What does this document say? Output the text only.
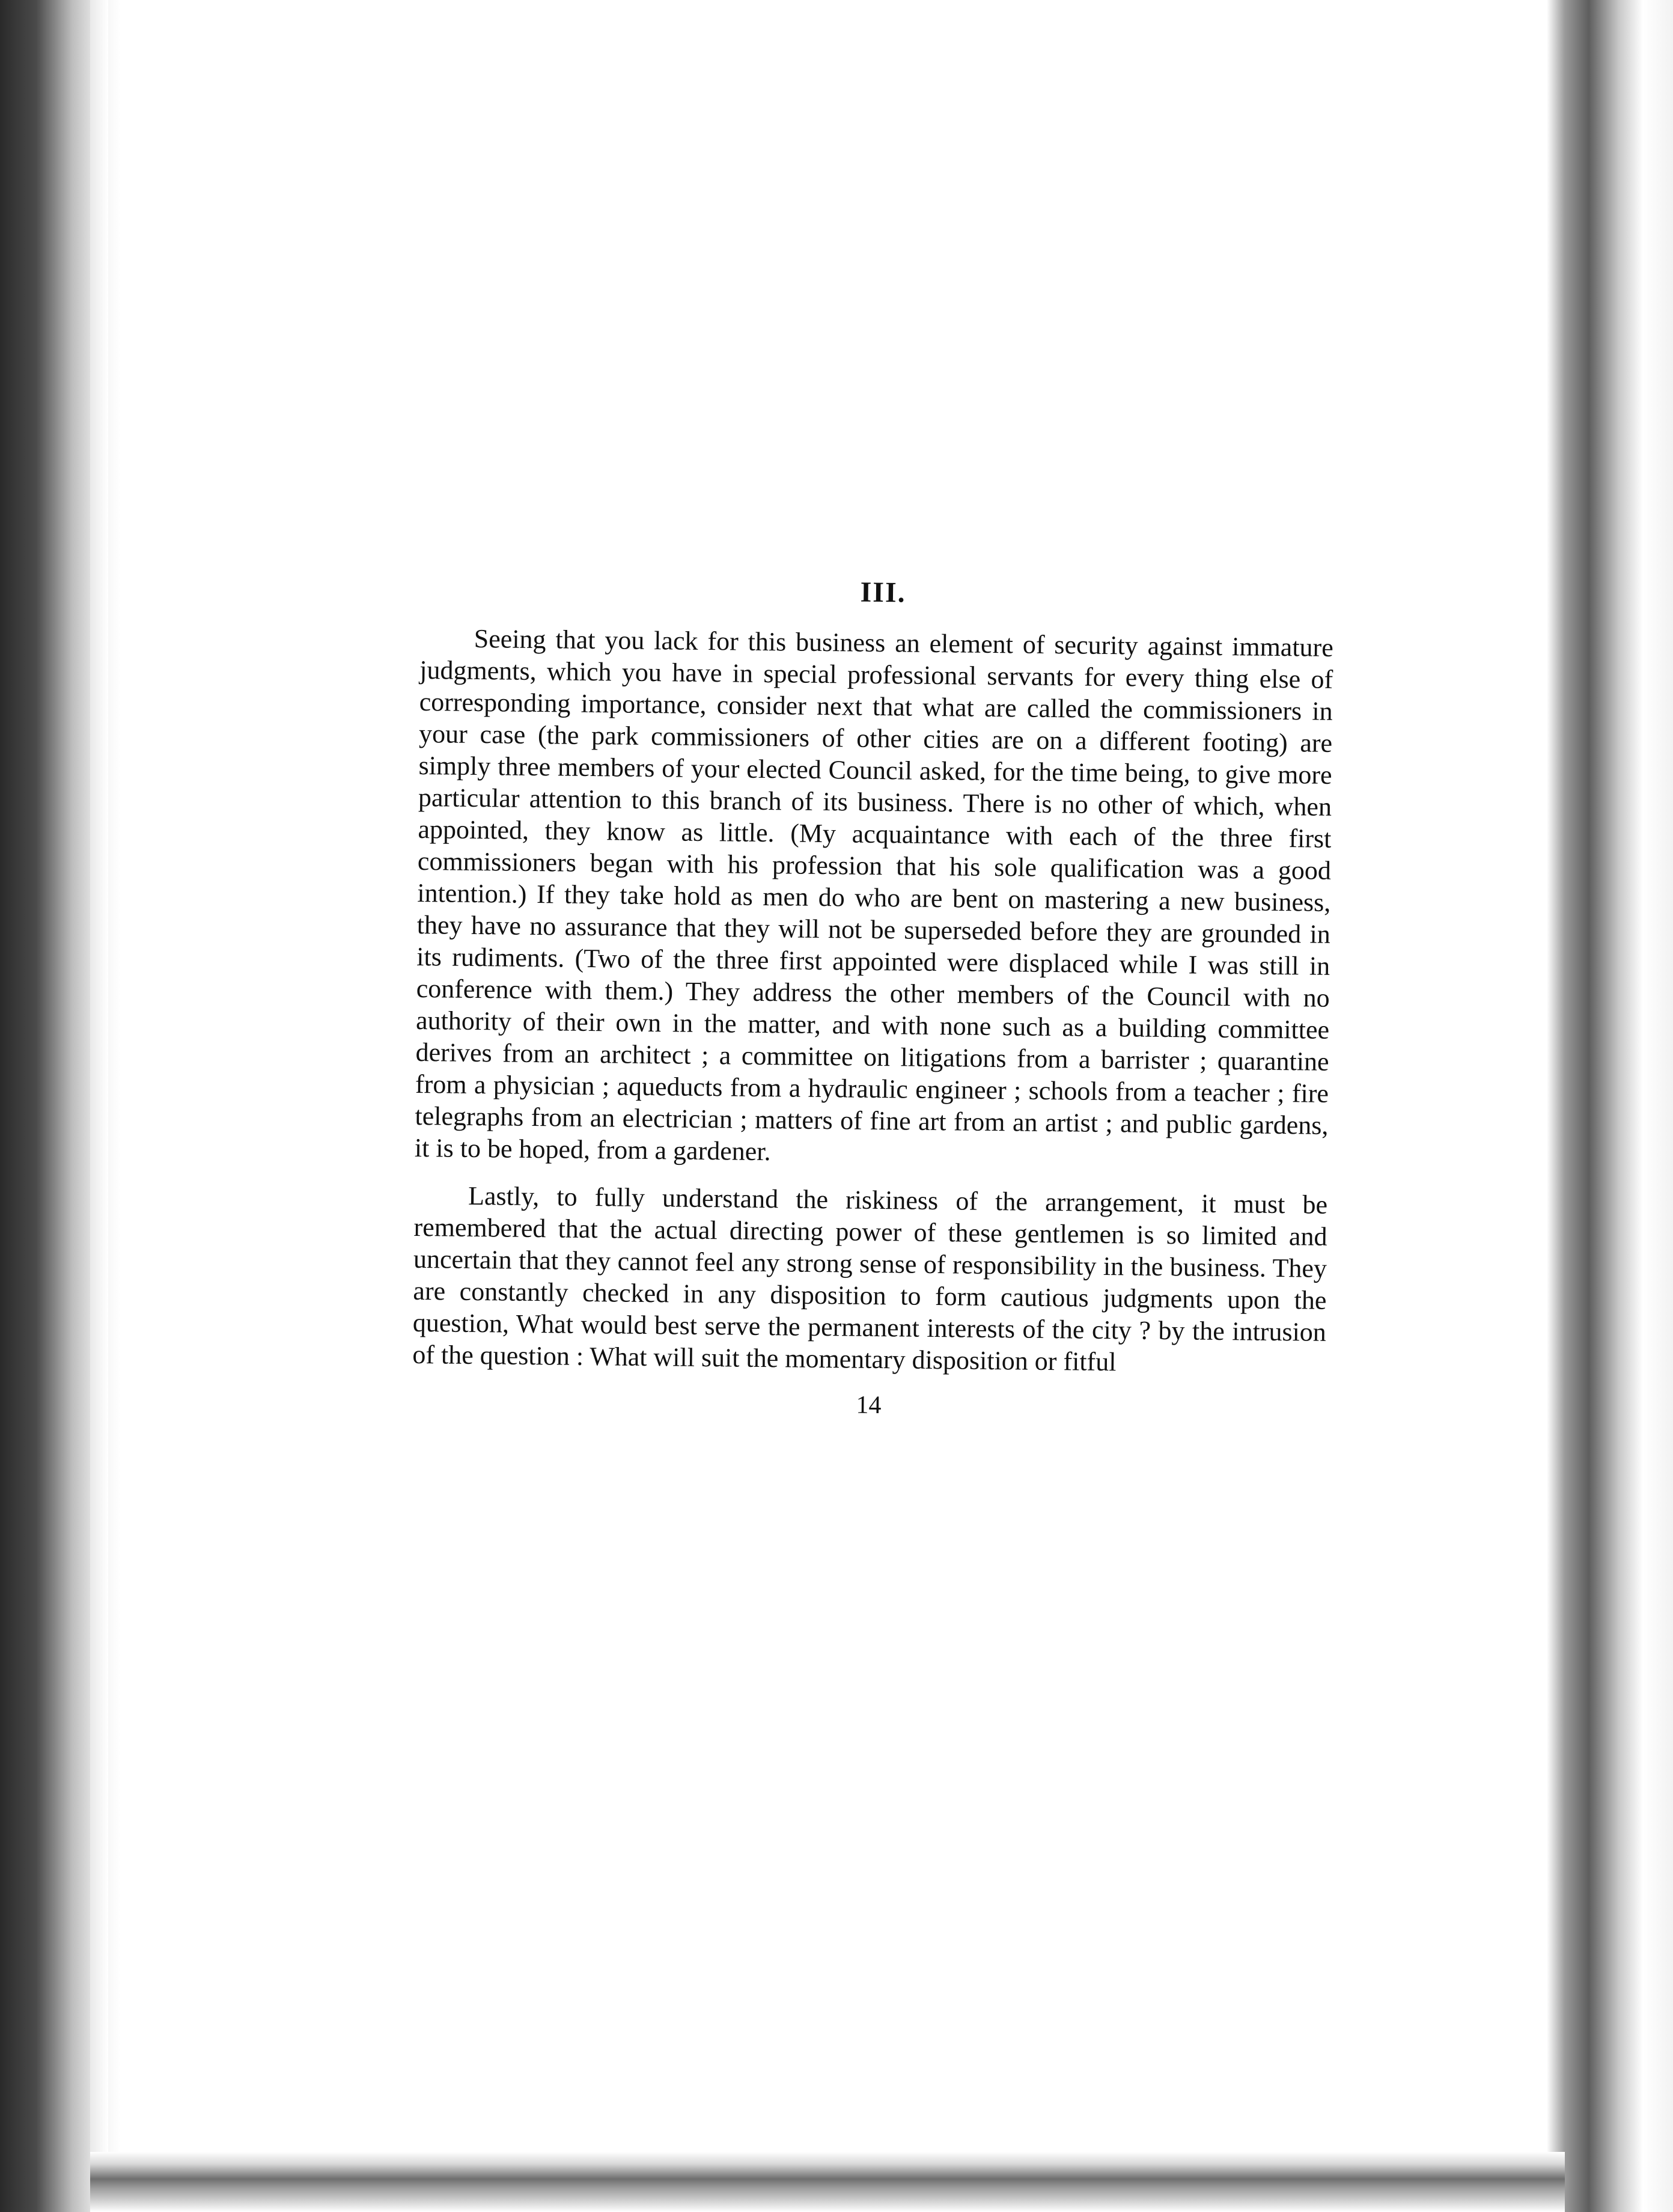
III.

Seeing that you lack for this business an element of security against immature judgments, which you have in special professional servants for every thing else of corresponding importance, consider next that what are called the commissioners in your case (the park commissioners of other cities are on a different footing) are simply three members of your elected Council asked, for the time being, to give more particular attention to this branch of its business. There is no other of which, when appointed, they know as little. (My acquaintance with each of the three first commissioners began with his profession that his sole qualification was a good intention.) If they take hold as men do who are bent on mastering a new business, they have no assurance that they will not be superseded before they are grounded in its rudiments. (Two of the three first appointed were displaced while I was still in conference with them.) They address the other members of the Council with no authority of their own in the matter, and with none such as a building committee derives from an architect ; a committee on litigations from a barrister ; quarantine from a physician ; aqueducts from a hydraulic engineer ; schools from a teacher ; fire telegraphs from an electrician ; matters of fine art from an artist ; and public gardens, it is to be hoped, from a gardener.

Lastly, to fully understand the riskiness of the arrangement, it must be remembered that the actual directing power of these gentlemen is so limited and uncertain that they cannot feel any strong sense of responsibility in the business. They are constantly checked in any disposition to form cautious judgments upon the question, What would best serve the permanent interests of the city ? by the intrusion of the question : What will suit the momentary disposition or fitful

14
